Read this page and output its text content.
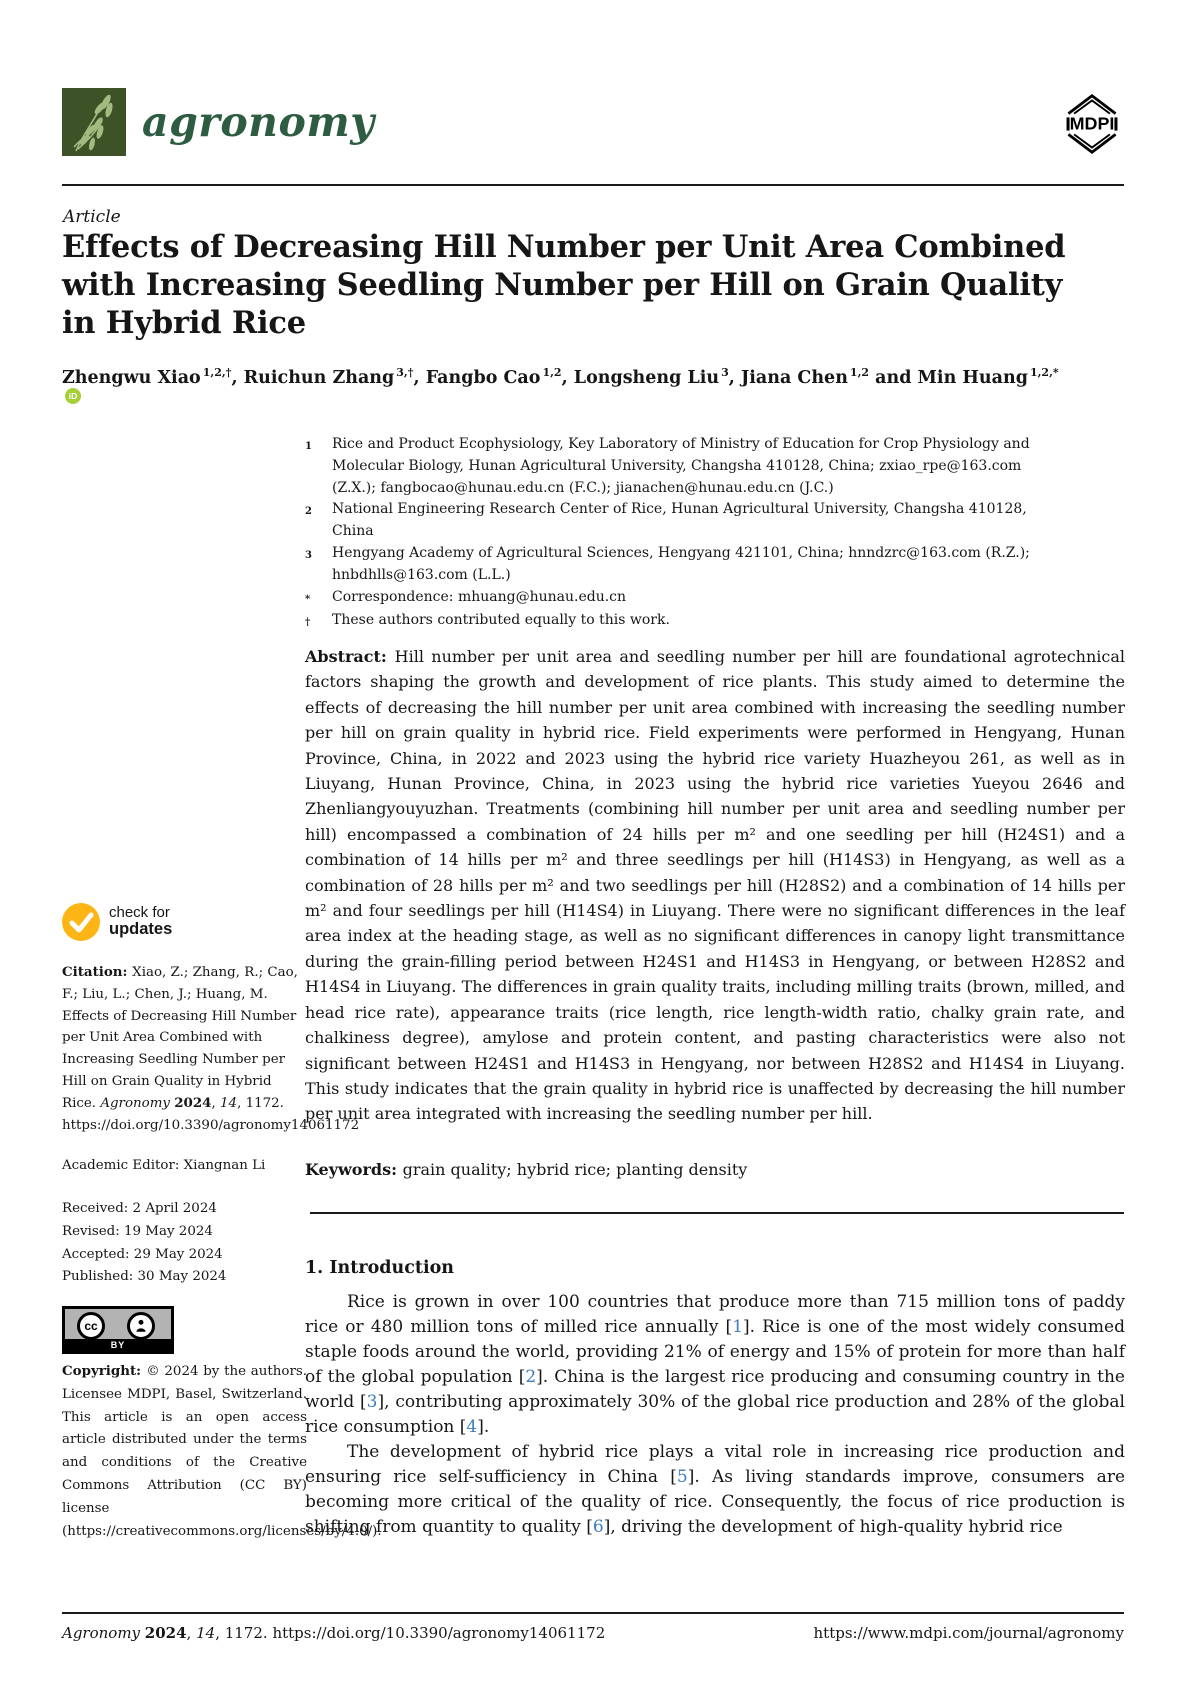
agronomy	MDPI
Article
Effects of Decreasing Hill Number per Unit Area Combined with Increasing Seedling Number per Hill on Grain Quality in Hybrid Rice
Zhengwu Xiao $^{1,2,\dagger}$, Ruichun Zhang $^{3,\dagger}$, Fangbo Cao $^{1,2}$, Longsheng Liu $^3$, Jiana Chen $^{1,2}$ and Min Huang $^{1,2,*}$iD
1	Rice and Product Ecophysiology, Key Laboratory of Ministry of Education for Crop Physiology and Molecular Biology, Hunan Agricultural University, Changsha 410128, China; zxiao_rpe@163.com (Z.X.); fangbocao@hunau.edu.cn (F.C.); jianachen@hunau.edu.cn (J.C.)
2	National Engineering Research Center of Rice, Hunan Agricultural University, Changsha 410128, China
3	Hengyang Academy of Agricultural Sciences, Hengyang 421101, China; hnndzrc@163.com (R.Z.); hnbdhlls@163.com (L.L.)
*	Correspondence: mhuang@hunau.edu.cn
†	These authors contributed equally to this work.
Abstract: Hill number per unit area and seedling number per hill are foundational agrotechnical factors shaping the growth and development of rice plants. This study aimed to determine the effects of decreasing the hill number per unit area combined with increasing the seedling number per hill on grain quality in hybrid rice. Field experiments were performed in Hengyang, Hunan Province, China, in 2022 and 2023 using the hybrid rice variety Huazheyou 261, as well as in Liuyang, Hunan Province, China, in 2023 using the hybrid rice varieties Yueyou 2646 and Zhenliangyouyuzhan. Treatments (combining hill number per unit area and seedling number per hill) encompassed a combination of 24 hills per m² and one seedling per hill (H24S1) and a combination of 14 hills per m² and three seedlings per hill (H14S3) in Hengyang, as well as a combination of 28 hills per m² and two seedlings per hill (H28S2) and a combination of 14 hills per m² and four seedlings per hill (H14S4) in Liuyang. There were no significant differences in the leaf area index at the heading stage, as well as no significant differences in canopy light transmittance during the grain-filling period between H24S1 and H14S3 in Hengyang, or between H28S2 and H14S4 in Liuyang. The differences in grain quality traits, including milling traits (brown, milled, and head rice rate), appearance traits (rice length, rice length-width ratio, chalky grain rate, and chalkiness degree), amylose and protein content, and pasting characteristics were also not significant between H24S1 and H14S3 in Hengyang, nor between H28S2 and H14S4 in Liuyang. This study indicates that the grain quality in hybrid rice is unaffected by decreasing the hill number per unit area integrated with increasing the seedling number per hill.
Keywords: grain quality; hybrid rice; planting density
check for
updates
Citation: Xiao, Z.; Zhang, R.; Cao, F.; Liu, L.; Chen, J.; Huang, M. Effects of Decreasing Hill Number per Unit Area Combined with Increasing Seedling Number per Hill on Grain Quality in Hybrid Rice. Agronomy 2024, 14, 1172. https://doi.org/10.3390/agronomy14061172
Academic Editor: Xiangnan Li
Received: 2 April 2024
Revised: 19 May 2024
Accepted: 29 May 2024
Published: 30 May 2024
cc
BY
Copyright: © 2024 by the authors. Licensee MDPI, Basel, Switzerland. This article is an open access article distributed under the terms and conditions of the Creative Commons Attribution (CC BY) license (https://creativecommons.org/licenses/by/4.0/).
1. Introduction

Rice is grown in over 100 countries that produce more than 715 million tons of paddy rice or 480 million tons of milled rice annually [1]. Rice is one of the most widely consumed staple foods around the world, providing 21% of energy and 15% of protein for more than half of the global population [2]. China is the largest rice producing and consuming country in the world [3], contributing approximately 30% of the global rice production and 28% of the global rice consumption [4].

The development of hybrid rice plays a vital role in increasing rice production and ensuring rice self-sufficiency in China [5]. As living standards improve, consumers are becoming more critical of the quality of rice. Consequently, the focus of rice production is shifting from quantity to quality [6], driving the development of high-quality hybrid rice

Agronomy 2024, 14, 1172. https://doi.org/10.3390/agronomy14061172	https://www.mdpi.com/journal/agronomy
